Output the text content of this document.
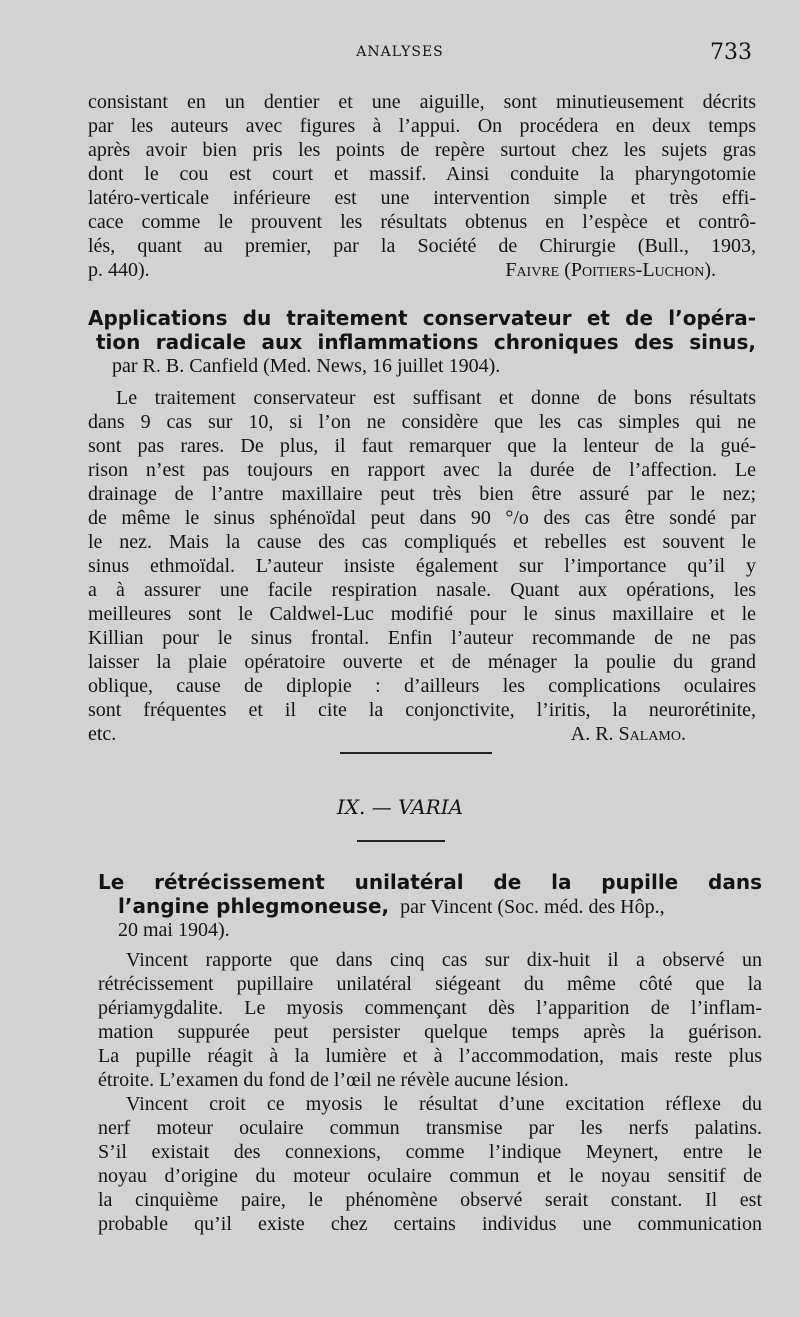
ANALYSES	733
consistant en un dentier et une aiguille, sont minutieusement décrits
par les auteurs avec figures à l’appui. On procédera en deux temps
après avoir bien pris les points de repère surtout chez les sujets gras
dont le cou est court et massif. Ainsi conduite la pharyngotomie
latéro-verticale inférieure est une intervention simple et très effi-
cace comme le prouvent les résultats obtenus en l’espèce et contrô-
lés, quant au premier, par la Société de Chirurgie (Bull., 1903,
p. 440).	Faivre (Poitiers-Luchon).
Applications du traitement conservateur et de l’opéra-
tion radicale aux inflammations chroniques des sinus,
par R. B. Canfield (Med. News, 16 juillet 1904).
Le traitement conservateur est suffisant et donne de bons résultats
dans 9 cas sur 10, si l’on ne considère que les cas simples qui ne
sont pas rares. De plus, il faut remarquer que la lenteur de la gué-
rison n’est pas toujours en rapport avec la durée de l’affection. Le
drainage de l’antre maxillaire peut très bien être assuré par le nez;
de même le sinus sphénoïdal peut dans 90 °/o des cas être sondé par
le nez. Mais la cause des cas compliqués et rebelles est souvent le
sinus ethmoïdal. L’auteur insiste également sur l’importance qu’il y
a à assurer une facile respiration nasale. Quant aux opérations, les
meilleures sont le Caldwel-Luc modifié pour le sinus maxillaire et le
Killian pour le sinus frontal. Enfin l’auteur recommande de ne pas
laisser la plaie opératoire ouverte et de ménager la poulie du grand
oblique, cause de diplopie : d’ailleurs les complications oculaires
sont fréquentes et il cite la conjonctivite, l’iritis, la neurorétinite,
etc.	A. R. Salamo.
IX. — VARIA
Le rétrécissement unilatéral de la pupille dans
l’angine phlegmoneuse, par Vincent (Soc. méd. des Hôp.,
20 mai 1904).
Vincent rapporte que dans cinq cas sur dix-huit il a observé un
rétrécissement pupillaire unilatéral siégeant du même côté que la
périamygdalite. Le myosis commençant dès l’apparition de l’inflam-
mation suppurée peut persister quelque temps après la guérison.
La pupille réagit à la lumière et à l’accommodation, mais reste plus
étroite. L’examen du fond de l’œil ne révèle aucune lésion.
Vincent croit ce myosis le résultat d’une excitation réflexe du
nerf moteur oculaire commun transmise par les nerfs palatins.
S’il existait des connexions, comme l’indique Meynert, entre le
noyau d’origine du moteur oculaire commun et le noyau sensitif de
la cinquième paire, le phénomène observé serait constant. Il est
probable qu’il existe chez certains individus une communication
